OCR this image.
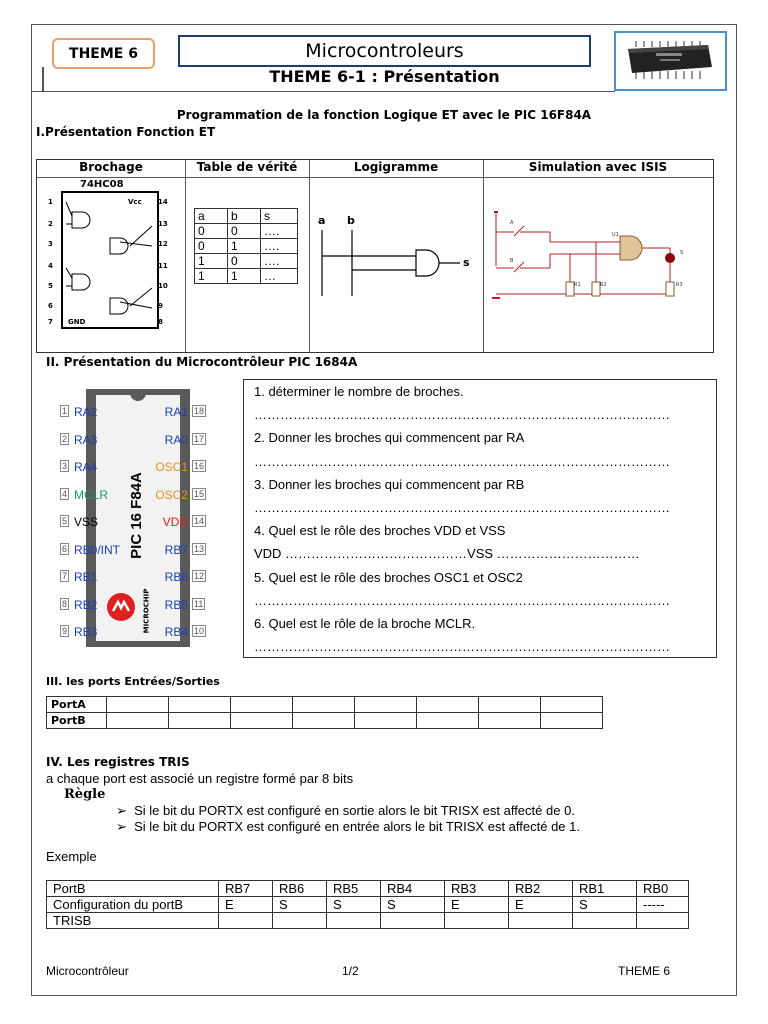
THEME 6	Microcontroleurs
THEME 6-1 : Présentation
Programmation de la fonction Logique ET avec le PIC 16F84A
I.Présentation Fonction ET
Brochage	Table de vérité	Logigramme	Simulation avec ISIS
74HC08
1
2
3
4
5
6
7
14
13
12
11
10
9
8
Vcc
GND
a	b	s
0	0	….
0	1	….
1	0	….
1	1	…
a b
s
A
B
U1
S
R1	R2	R3
II. Présentation du Microcontrôleur PIC 1684A
PIC 16 F84A
MICROCHIP
1 RA2
2 RA3
3 RA4
4 MCLR
5 VSS
6 RB0/INT
7 RB1
8 RB2
9 RB3
18
RA1
17
RA0
16
OSC1
15
OSC2
14
VDD
13
RB7
12
RB6
11
RB5
10
RB4
1. déterminer le nombre de broches.
……………………………………………………………………………………
2. Donner les broches qui commencent par RA
……………………………………………………………………………………
3. Donner les broches qui commencent par RB
……………………………………………………………………………………
4. Quel est le rôle des broches VDD et VSS
VDD ……………………………………VSS ……………………………
5. Quel est le rôle des broches OSC1 et OSC2
……………………………………………………………………………………
6. Quel est le rôle de la broche MCLR.
……………………………………………………………………………………
III. les ports Entrées/Sorties
PortA								
PortB								
IV. Les registres TRIS
a chaque port est associé un registre formé par 8 bits
Règle
➢  Si le bit du PORTX est configuré en sortie alors le bit TRISX est affecté de 0.
➢  Si le bit du PORTX est configuré en entrée alors le bit TRISX est affecté de 1.
Exemple
PortB	RB7	RB6	RB5	RB4	RB3	RB2	RB1	RB0
Configuration du portB	E	S	S	S	E	E	S	-----
TRISB								
Microcontrôleur	1/2	THEME 6
